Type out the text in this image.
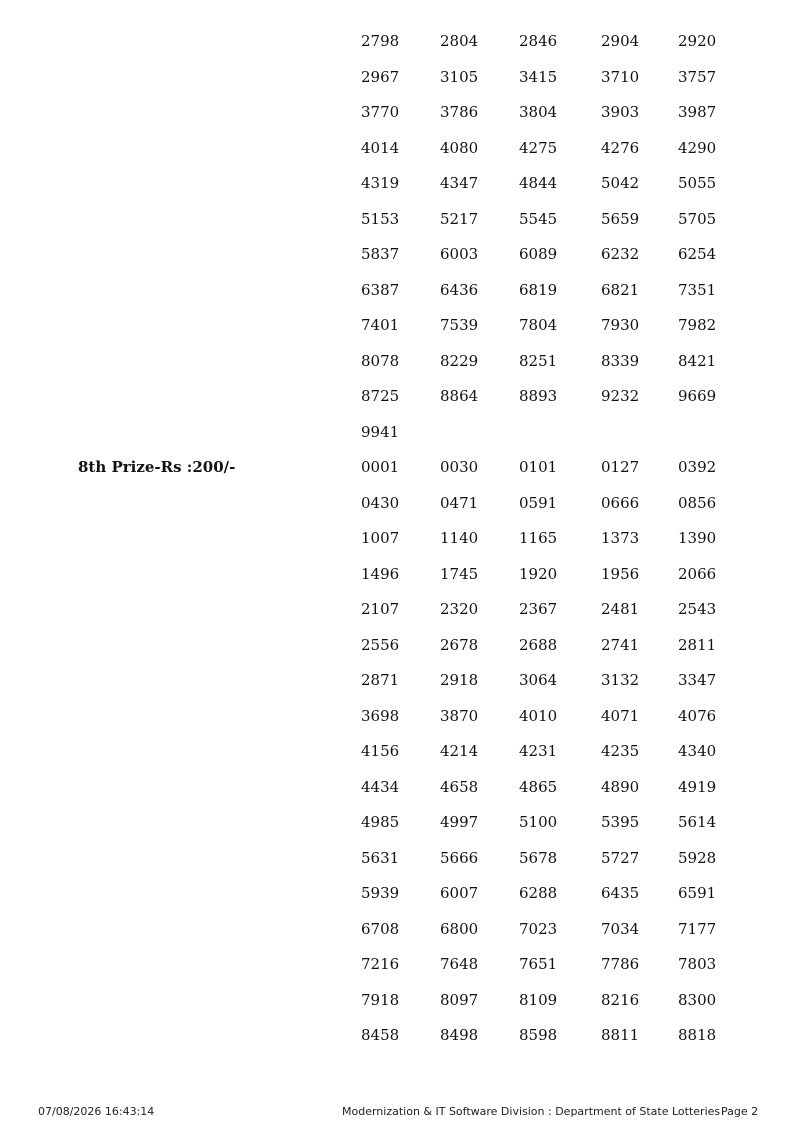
2798	2804	2846	2904	2920
2967	3105	3415	3710	3757
3770	3786	3804	3903	3987
4014	4080	4275	4276	4290
4319	4347	4844	5042	5055
5153	5217	5545	5659	5705
5837	6003	6089	6232	6254
6387	6436	6819	6821	7351
7401	7539	7804	7930	7982
8078	8229	8251	8339	8421
8725	8864	8893	9232	9669
9941
8th Prize-Rs :200/-	0001	0030	0101	0127	0392
0430	0471	0591	0666	0856
1007	1140	1165	1373	1390
1496	1745	1920	1956	2066
2107	2320	2367	2481	2543
2556	2678	2688	2741	2811
2871	2918	3064	3132	3347
3698	3870	4010	4071	4076
4156	4214	4231	4235	4340
4434	4658	4865	4890	4919
4985	4997	5100	5395	5614
5631	5666	5678	5727	5928
5939	6007	6288	6435	6591
6708	6800	7023	7034	7177
7216	7648	7651	7786	7803
7918	8097	8109	8216	8300
8458	8498	8598	8811	8818
07/08/2026 16:43:14	Modernization & IT Software Division : Department of State Lotteries Page 2
